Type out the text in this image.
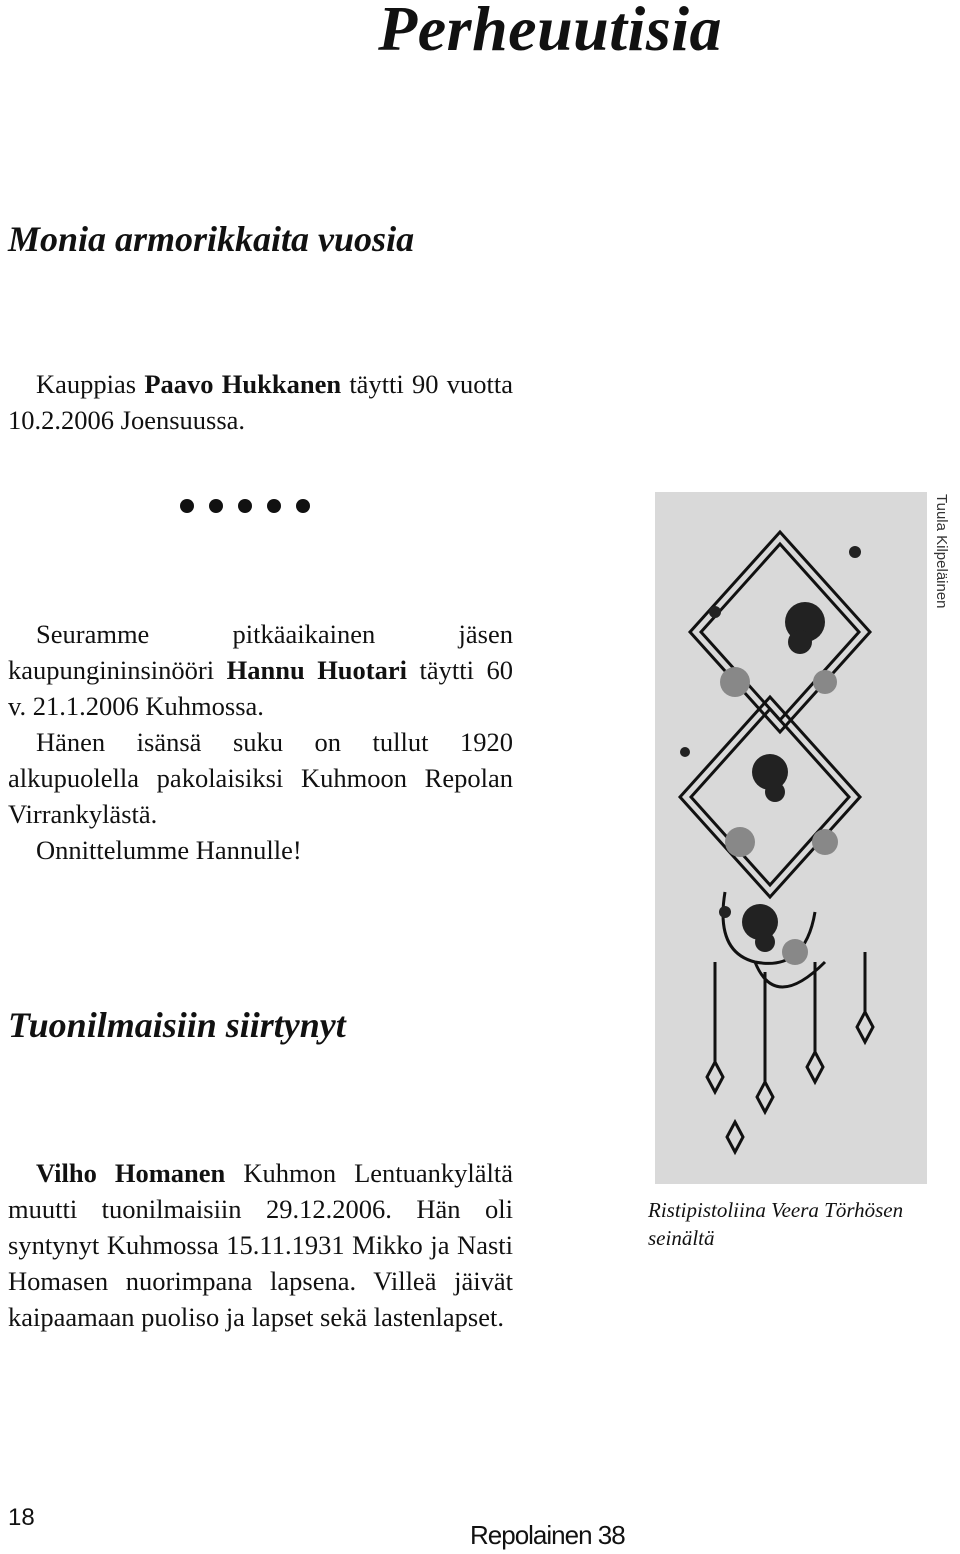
Perheuutisia
Monia armorikkaita vuosia

Kauppias Paavo Hukkanen täytti 90 vuotta 10.2.2006 Joensuussa.

Seuramme pitkäaikainen jäsen kaupungininsinööri Hannu Huotari täytti 60 v. 21.1.2006 Kuhmossa.

Hänen isänsä suku on tullut 1920 alkupuolella pakolaisiksi Kuhmoon Repolan Virrankylästä.

Onnittelumme Hannulle!

Tuonilmaisiin siirtynyt

Vilho Homanen Kuhmon Lentuankylältä muutti tuonilmaisiin 29.12.2006. Hän oli syntynyt Kuhmossa 15.11.1931 Mikko ja Nasti Homasen nuorimpana lapsena. Villeä jäivät kaipaamaan puoliso ja lapset sekä lastenlapset.

Tuula Kilpeläinen

Ristipistoliina Veera Törhösen seinältä

18
Repolainen 38
